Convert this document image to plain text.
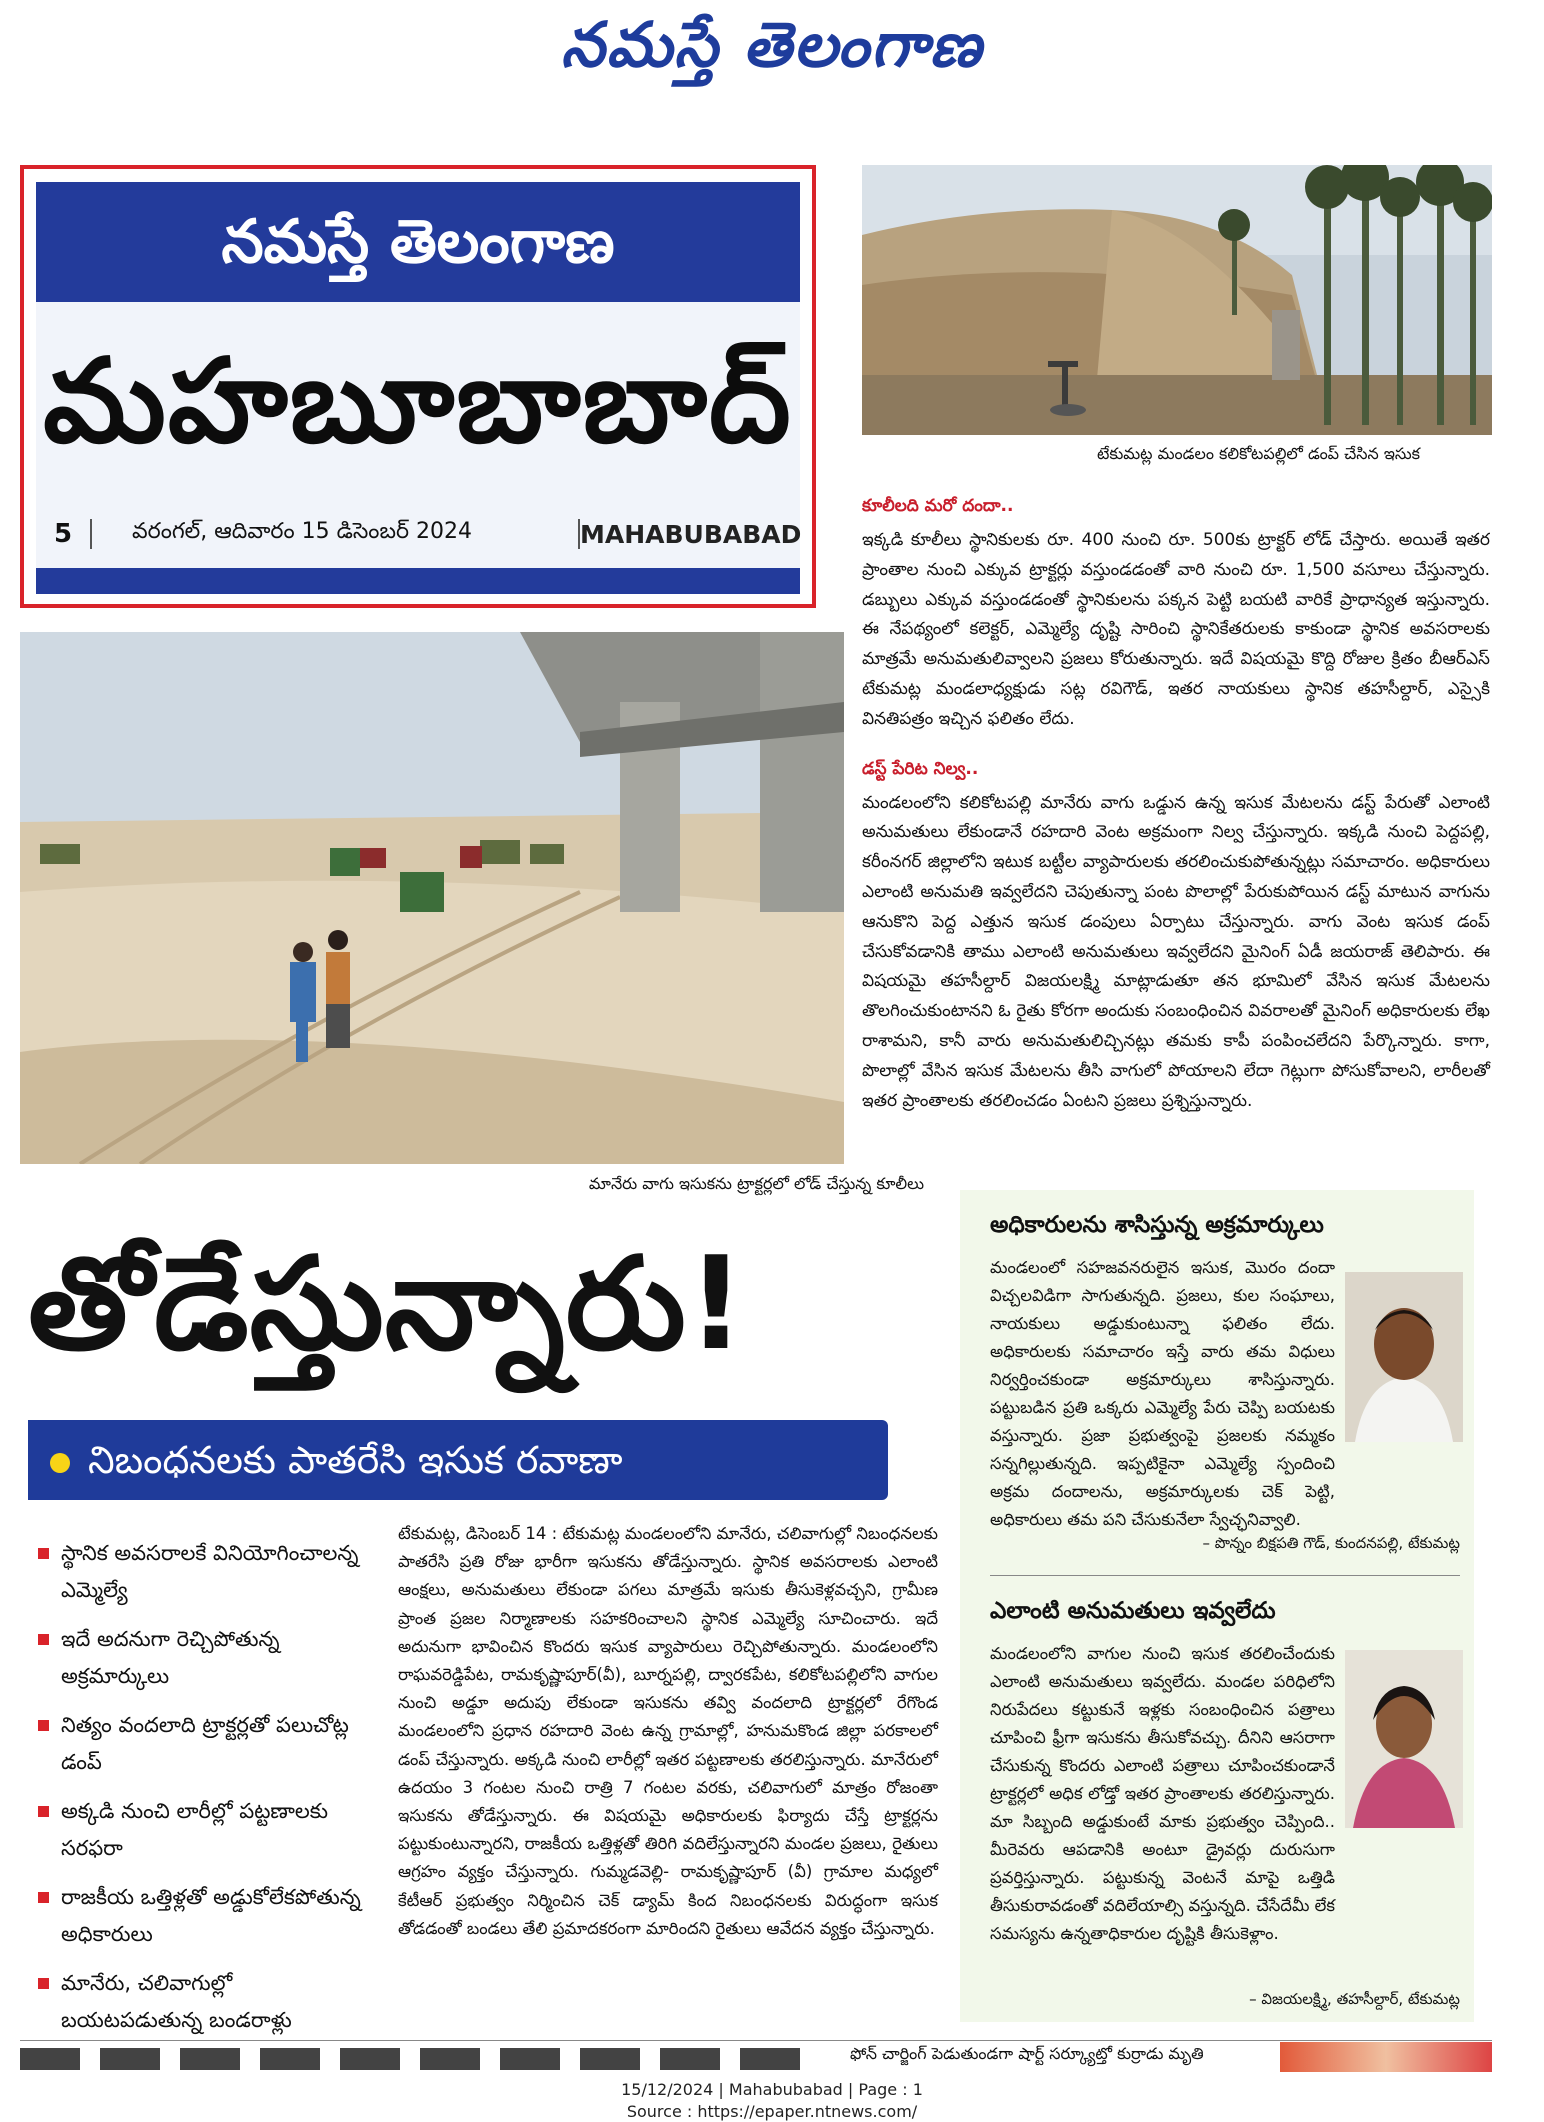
నమస్తే తెలంగాణ
నమస్తే తెలంగాణ
మహబూబాబాద్
5	వరంగల్, ఆదివారం 15 డిసెంబర్ 2024	MAHABUBABAD
టేకుమట్ల మండలం కలికోటపల్లిలో డంప్ చేసిన ఇసుక
కూలీలది మరో దందా..
ఇక్కడి కూలీలు స్థానికులకు రూ. 400 నుంచి రూ. 500కు ట్రాక్టర్ లోడ్ చేస్తారు. అయితే ఇతర ప్రాంతాల నుంచి ఎక్కువ ట్రాక్టర్లు వస్తుండడంతో వారి నుంచి రూ. 1,500 వసూలు చేస్తున్నారు. డబ్బులు ఎక్కువ వస్తుండడంతో స్థానికులను పక్కన పెట్టి బయటి వారికే ప్రాధాన్యత ఇస్తున్నారు. ఈ నేపథ్యంలో కలెక్టర్, ఎమ్మెల్యే దృష్టి సారించి స్థానికేతరులకు కాకుండా స్థానిక అవసరాలకు మాత్రమే అనుమతులివ్వాలని ప్రజలు కోరుతున్నారు. ఇదే విషయమై కొద్ది రోజుల క్రితం బీఆర్ఎస్ టేకుమట్ల మండలాధ్యక్షుడు సట్ల రవిగౌడ్, ఇతర నాయకులు స్థానిక తహసీల్దార్, ఎస్సైకి వినతిపత్రం ఇచ్చిన ఫలితం లేదు.
డస్ట్ పేరిట నిల్వ..
మండలంలోని కలికోటపల్లి మానేరు వాగు ఒడ్డున ఉన్న ఇసుక మేటలను డస్ట్ పేరుతో ఎలాంటి అనుమతులు లేకుండానే రహదారి వెంట అక్రమంగా నిల్వ చేస్తున్నారు. ఇక్కడి నుంచి పెద్దపల్లి, కరీంనగర్ జిల్లాలోని ఇటుక బట్టీల వ్యాపారులకు తరలించుకుపోతున్నట్లు సమాచారం. అధికారులు ఎలాంటి అనుమతి ఇవ్వలేదని చెపుతున్నా పంట పొలాల్లో పేరుకుపోయిన డస్ట్ మాటున వాగును ఆనుకొని పెద్ద ఎత్తున ఇసుక డంపులు ఏర్పాటు చేస్తున్నారు. వాగు వెంట ఇసుక డంప్ చేసుకోవడానికి తాము ఎలాంటి అనుమతులు ఇవ్వలేదని మైనింగ్ ఏడీ జయరాజ్ తెలిపారు. ఈ విషయమై తహసీల్దార్ విజయలక్ష్మి మాట్లాడుతూ తన భూమిలో వేసిన ఇసుక మేటలను తొలగించుకుంటానని ఓ రైతు కోరగా అందుకు సంబంధించిన వివరాలతో మైనింగ్ అధికారులకు లేఖ రాశామని, కానీ వారు అనుమతులిచ్చినట్లు తమకు కాపీ పంపించలేదని పేర్కొన్నారు. కాగా, పొలాల్లో వేసిన ఇసుక మేటలను తీసి వాగులో పోయాలని లేదా గెట్లుగా పోసుకోవాలని, లారీలతో ఇతర ప్రాంతాలకు తరలించడం ఏంటని ప్రజలు ప్రశ్నిస్తున్నారు.
మానేరు వాగు ఇసుకను ట్రాక్టర్లలో లోడ్ చేస్తున్న కూలీలు
తోడేస్తున్నారు!
నిబంధనలకు పాతరేసి ఇసుక రవాణా
స్థానిక అవసరాలకే వినియోగించాలన్న ఎమ్మెల్యే
ఇదే అదనుగా రెచ్చిపోతున్న అక్రమార్కులు
నిత్యం వందలాది ట్రాక్టర్లతో పలుచోట్ల డంప్
అక్కడి నుంచి లారీల్లో పట్టణాలకు సరఫరా
రాజకీయ ఒత్తిళ్లతో అడ్డుకోలేకపోతున్న అధికారులు
మానేరు, చలివాగుల్లో బయటపడుతున్న బండరాళ్లు
టేకుమట్ల, డిసెంబర్ 14 : టేకుమట్ల మండలంలోని మానేరు, చలివాగుల్లో నిబంధనలకు పాతరేసి ప్రతి రోజు భారీగా ఇసుకను తోడేస్తున్నారు. స్థానిక అవసరాలకు ఎలాంటి ఆంక్షలు, అనుమతులు లేకుండా పగలు మాత్రమే ఇసుకు తీసుకెళ్లవచ్చని, గ్రామీణ ప్రాంత ప్రజల నిర్మాణాలకు సహకరించాలని స్థానిక ఎమ్మెల్యే సూచించారు. ఇదే అదునుగా భావించిన కొందరు ఇసుక వ్యాపారులు రెచ్చిపోతున్నారు. మండలంలోని రాఘవరెడ్డిపేట, రామకృష్ణాపూర్(వీ), బూర్నపల్లి, ద్వారకపేట, కలికోటపల్లిలోని వాగుల నుంచి అడ్డూ అదుపు లేకుండా ఇసుకను తవ్వి వందలాది ట్రాక్టర్లలో రేగొండ మండలంలోని ప్రధాన రహదారి వెంట ఉన్న గ్రామాల్లో, హనుమకొండ జిల్లా పరకాలలో డంప్ చేస్తున్నారు. అక్కడి నుంచి లారీల్లో ఇతర పట్టణాలకు తరలిస్తున్నారు. మానేరులో ఉదయం 3 గంటల నుంచి రాత్రి 7 గంటల వరకు, చలివాగులో మాత్రం రోజంతా ఇసుకను తోడేస్తున్నారు. ఈ విషయమై అధికారులకు ఫిర్యాదు చేస్తే ట్రాక్టర్లను పట్టుకుంటున్నారని, రాజకీయ ఒత్తిళ్లతో తిరిగి వదిలేస్తున్నారని మండల ప్రజలు, రైతులు ఆగ్రహం వ్యక్తం చేస్తున్నారు. గుమ్మడవెల్లి- రామకృష్ణాపూర్ (వీ) గ్రామాల మధ్యలో కేటీఆర్ ప్రభుత్వం నిర్మించిన చెక్ డ్యామ్ కింద నిబంధనలకు విరుద్ధంగా ఇసుక తోడడంతో బండలు తేలి ప్రమాదకరంగా మారిందని రైతులు ఆవేదన వ్యక్తం చేస్తున్నారు.
అధికారులను శాసిస్తున్న అక్రమార్కులు
మండలంలో సహజవనరులైన ఇసుక, మొరం దందా విచ్చలవిడిగా సాగుతున్నది. ప్రజలు, కుల సంఘాలు, నాయకులు అడ్డుకుంటున్నా ఫలితం లేదు. అధికారులకు సమాచారం ఇస్తే వారు తమ విధులు నిర్వర్తించకుండా అక్రమార్కులు శాసిస్తున్నారు. పట్టుబడిన ప్రతి ఒక్కరు ఎమ్మెల్యే పేరు చెప్పి బయటకు వస్తున్నారు. ప్రజా ప్రభుత్వంపై ప్రజలకు నమ్మకం సన్నగిల్లుతున్నది. ఇప్పటికైనా ఎమ్మెల్యే స్పందించి అక్రమ దందాలను, అక్రమార్కులకు చెక్ పెట్టి, అధికారులు తమ పని చేసుకునేలా స్వేచ్ఛనివ్వాలి.
– పొన్నం బిక్షపతి గౌడ్, కుందనపల్లి, టేకుమట్ల
ఎలాంటి అనుమతులు ఇవ్వలేదు
మండలంలోని వాగుల నుంచి ఇసుక తరలించేందుకు ఎలాంటి అనుమతులు ఇవ్వలేదు. మండల పరిధిలోని నిరుపేదలు కట్టుకునే ఇళ్లకు సంబంధించిన పత్రాలు చూపించి ఫ్రీగా ఇసుకను తీసుకోవచ్చు. దీనిని ఆసరాగా చేసుకున్న కొందరు ఎలాంటి పత్రాలు చూపించకుండానే ట్రాక్టర్లలో అధిక లోడ్తో ఇతర ప్రాంతాలకు తరలిస్తున్నారు. మా సిబ్బంది అడ్డుకుంటే మాకు ప్రభుత్వం చెప్పింది.. మీరెవరు ఆపడానికి అంటూ డ్రైవర్లు దురుసుగా ప్రవర్తిస్తున్నారు. పట్టుకున్న వెంటనే మాపై ఒత్తిడి తీసుకురావడంతో వదిలేయాల్సి వస్తున్నది. చేసేదేమీ లేక సమస్యను ఉన్నతాధికారుల దృష్టికి తీసుకెళ్లాం.
– విజయలక్ష్మి, తహసీల్దార్, టేకుమట్ల
ఫోన్ చార్జింగ్ పెడుతుండగా షార్ట్ సర్క్యూట్తో కుర్రాడు మృతి
15/12/2024 | Mahabubabad | Page : 1
Source : https://epaper.ntnews.com/
